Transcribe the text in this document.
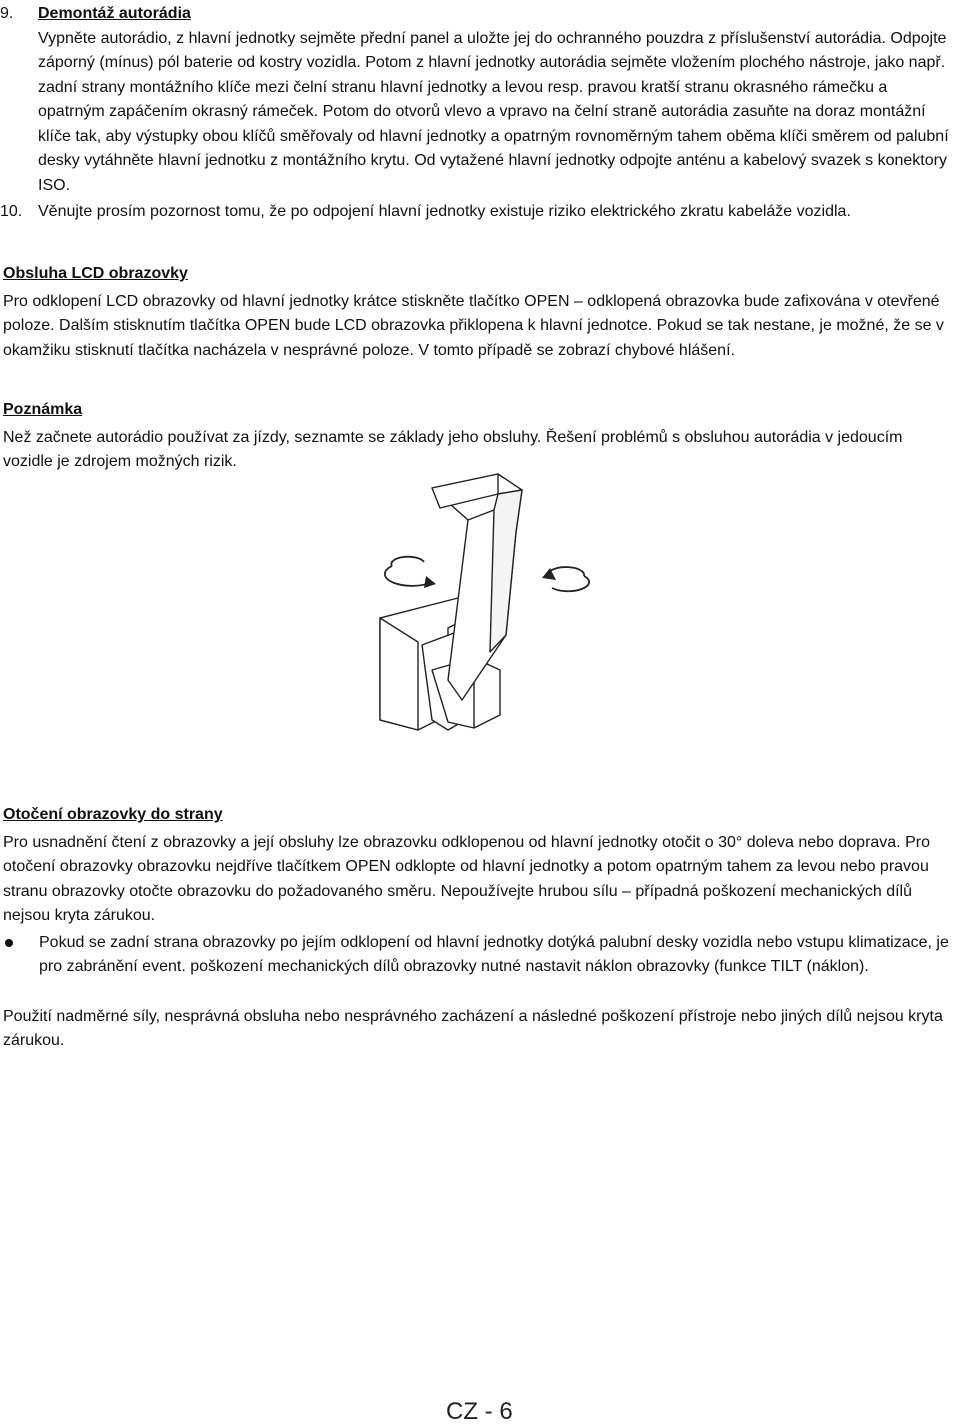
9.	Demontáž autorádia

Vypněte autorádio, z hlavní jednotky sejměte přední panel a uložte jej do ochranného pouzdra z příslušenství autorádia. Odpojte záporný (mínus) pól baterie od kostry vozidla. Potom z hlavní jednotky autorádia sejměte vložením plochého nástroje, jako např. zadní strany montážního klíče mezi čelní stranu hlavní jednotky a levou resp. pravou kratší stranu okrasného rámečku a opatrným zapáčením okrasný rámeček. Potom do otvorů vlevo a vpravo na čelní straně autorádia zasuňte na doraz montážní klíče tak, aby výstupky obou klíčů směřovaly od hlavní jednotky a opatrným rovnoměrným tahem oběma klíči směrem od palubní desky vytáhněte hlavní jednotku z montážního krytu. Od vytažené hlavní jednotky odpojte anténu a kabelový svazek s konektory ISO.

10. Věnujte prosím pozornost tomu, že po odpojení hlavní jednotky existuje riziko elektrického zkratu kabeláže vozidla.

Obsluha LCD obrazovky

Pro odklopení LCD obrazovky od hlavní jednotky krátce stiskněte tlačítko OPEN – odklopená obrazovka bude zafixována v otevřené poloze. Dalším stisknutím tlačítka OPEN bude LCD obrazovka přiklopena k hlavní jednotce. Pokud se tak nestane, je možné, že se v okamžiku stisknutí tlačítka nacházela v nesprávné poloze. V tomto případě se zobrazí chybové hlášení.

Poznámka

Než začnete autorádio používat za jízdy, seznamte se základy jeho obsluhy. Řešení problémů s obsluhou autorádia v jedoucím vozidle je zdrojem možných rizik.

Otočení obrazovky do strany

Pro usnadnění čtení z obrazovky a její obsluhy lze obrazovku odklopenou od hlavní jednotky otočit o 30° doleva nebo doprava. Pro otočení obrazovky obrazovku nejdříve tlačítkem OPEN odklopte od hlavní jednotky a potom opatrným tahem za levou nebo pravou stranu obrazovky otočte obrazovku do požadovaného směru. Nepoužívejte hrubou sílu – případná poškození mechanických dílů nejsou kryta zárukou.

Pokud se zadní strana obrazovky po jejím odklopení od hlavní jednotky dotýká palubní desky vozidla nebo vstupu klimatizace, je pro zabránění event. poškození mechanických dílů obrazovky nutné nastavit náklon obrazovky (funkce TILT (náklon).

Použití nadměrné síly, nesprávná obsluha nebo nesprávného zacházení a následné poškození přístroje nebo jiných dílů nejsou kryta zárukou.

CZ - 6
